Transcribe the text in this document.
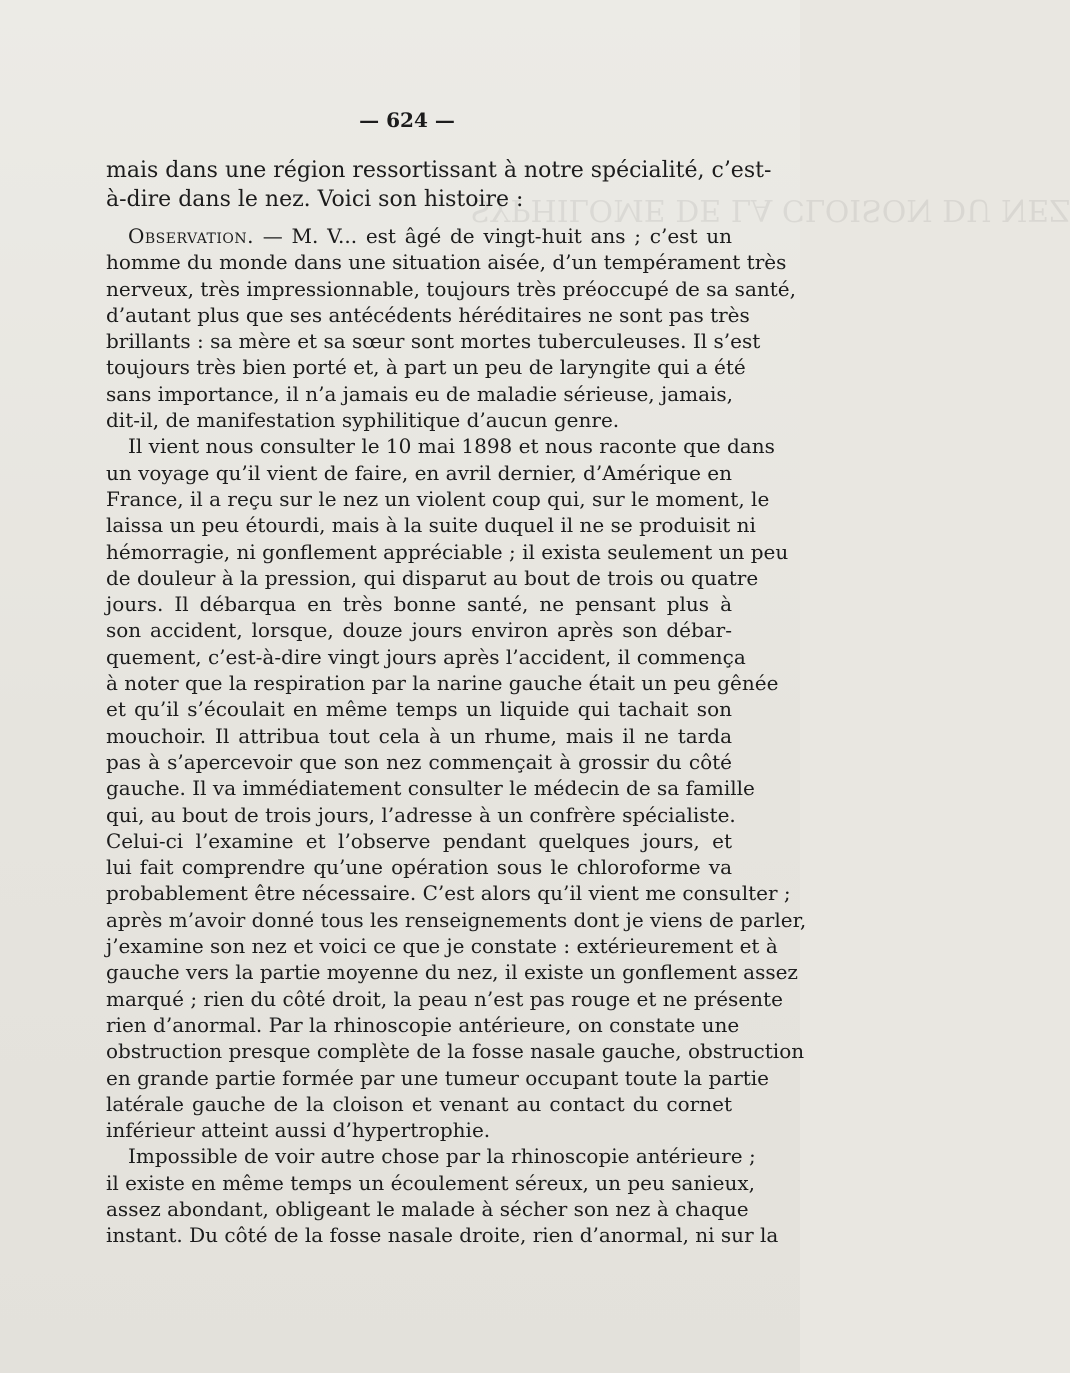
SYPHILOME DE LA CLOISON DU NEZ
— 624 —
mais dans une région ressortissant à notre spécialité, c’est-
à-dire dans le nez. Voici son histoire :
Observation. — M. V... est âgé de vingt-huit ans ; c’est un
homme du monde dans une situation aisée, d’un tempérament très
nerveux, très impressionnable, toujours très préoccupé de sa santé,
d’autant plus que ses antécédents héréditaires ne sont pas très
brillants : sa mère et sa sœur sont mortes tuberculeuses. Il s’est
toujours très bien porté et, à part un peu de laryngite qui a été
sans importance, il n’a jamais eu de maladie sérieuse, jamais,
dit-il, de manifestation syphilitique d’aucun genre.
Il vient nous consulter le 10 mai 1898 et nous raconte que dans
un voyage qu’il vient de faire, en avril dernier, d’Amérique en
France, il a reçu sur le nez un violent coup qui, sur le moment, le
laissa un peu étourdi, mais à la suite duquel il ne se produisit ni
hémorragie, ni gonflement appréciable ; il exista seulement un peu
de douleur à la pression, qui disparut au bout de trois ou quatre
jours. Il débarqua en très bonne santé, ne pensant plus à
son accident, lorsque, douze jours environ après son débar-
quement, c’est-à-dire vingt jours après l’accident, il commença
à noter que la respiration par la narine gauche était un peu gênée
et qu’il s’écoulait en même temps un liquide qui tachait son
mouchoir. Il attribua tout cela à un rhume, mais il ne tarda
pas à s’apercevoir que son nez commençait à grossir du côté
gauche. Il va immédiatement consulter le médecin de sa famille
qui, au bout de trois jours, l’adresse à un confrère spécialiste.
Celui-ci l’examine et l’observe pendant quelques jours, et
lui fait comprendre qu’une opération sous le chloroforme va
probablement être nécessaire. C’est alors qu’il vient me consulter ;
après m’avoir donné tous les renseignements dont je viens de parler,
j’examine son nez et voici ce que je constate : extérieurement et à
gauche vers la partie moyenne du nez, il existe un gonflement assez
marqué ; rien du côté droit, la peau n’est pas rouge et ne présente
rien d’anormal. Par la rhinoscopie antérieure, on constate une
obstruction presque complète de la fosse nasale gauche, obstruction
en grande partie formée par une tumeur occupant toute la partie
latérale gauche de la cloison et venant au contact du cornet
inférieur atteint aussi d’hypertrophie.
Impossible de voir autre chose par la rhinoscopie antérieure ;
il existe en même temps un écoulement séreux, un peu sanieux,
assez abondant, obligeant le malade à sécher son nez à chaque
instant. Du côté de la fosse nasale droite, rien d’anormal, ni sur la
